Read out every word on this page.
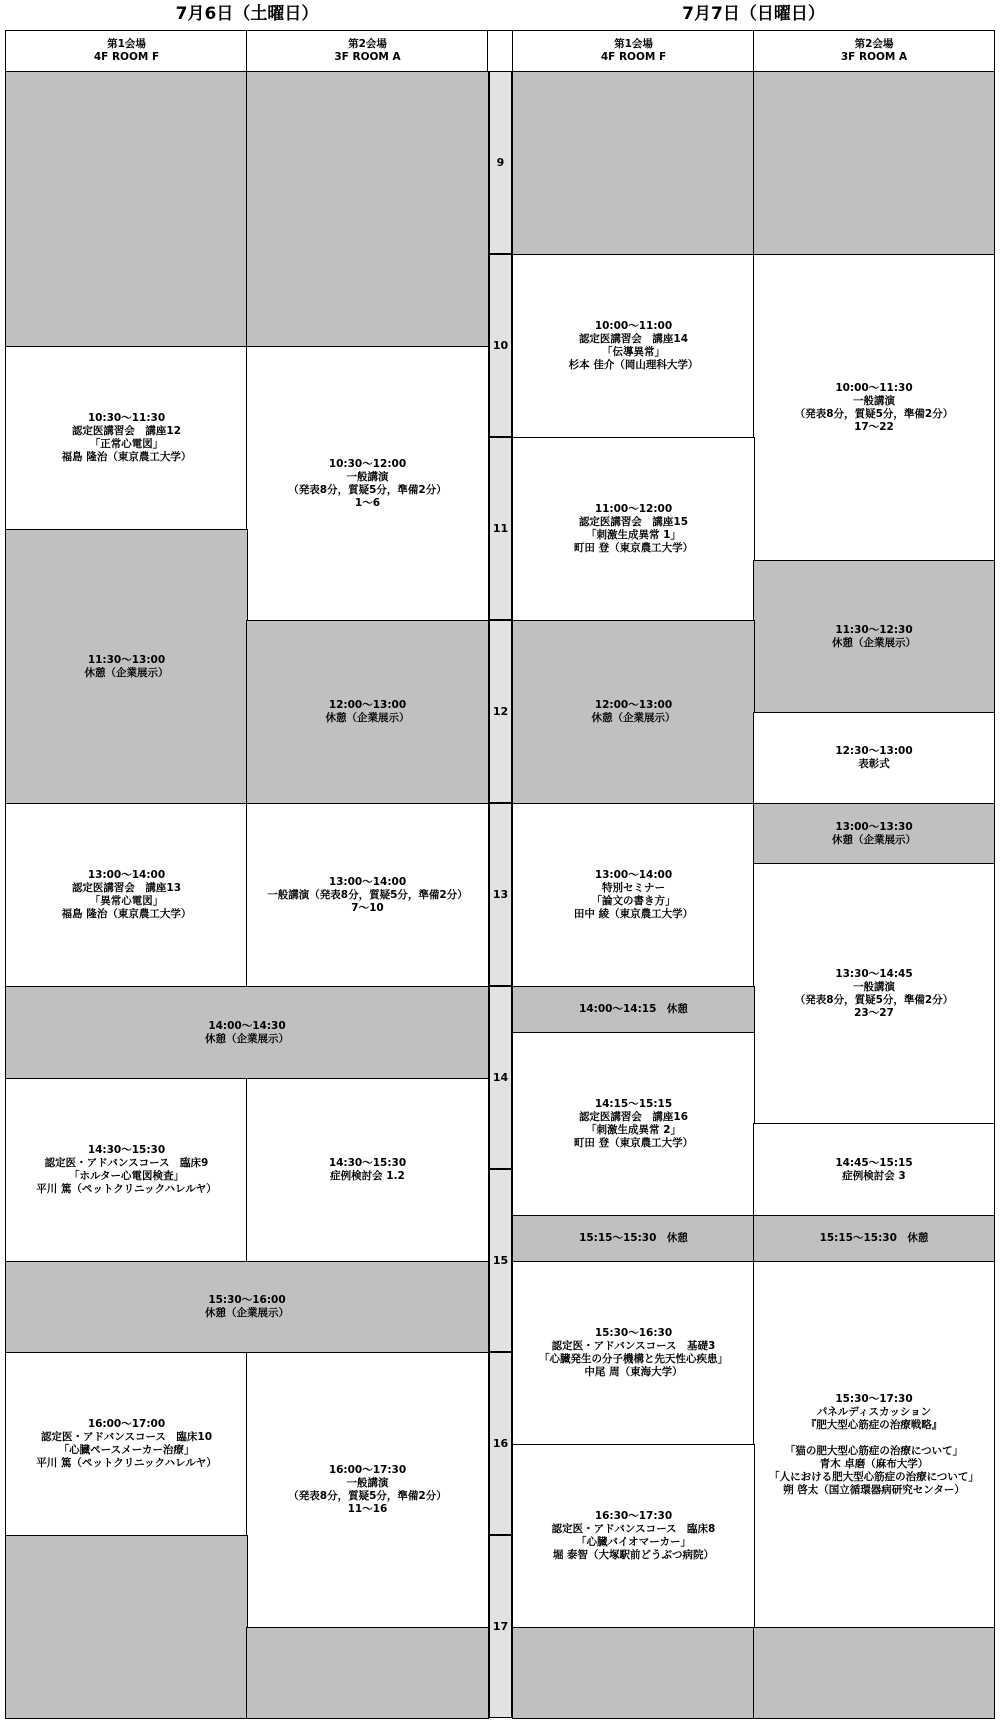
7月6日（土曜日）	7月7日（日曜日）
第1会場
4F ROOM F
第2会場
3F ROOM A
第1会場
4F ROOM F
第2会場
3F ROOM A
9
10
11
12
13
14
15
16
17
10:30～11:30
認定医講習会　講座12
「正常心電図」
福島 隆治（東京農工大学）
10:30～12:00
一般講演
（発表8分，質疑5分，準備2分）
1～6
11:30～13:00
休憩（企業展示）
12:00～13:00
休憩（企業展示）
13:00～14:00
認定医講習会　講座13
「異常心電図」
福島 隆治（東京農工大学）
13:00～14:00
一般講演（発表8分，質疑5分，準備2分）
7～10
14:00～14:30
休憩（企業展示）
14:30～15:30
認定医・アドバンスコース　臨床9
「ホルター心電図検査」
平川 篤（ペットクリニックハレルヤ）
14:30～15:30
症例検討会 1.2
15:30～16:00
休憩（企業展示）
16:00～17:00
認定医・アドバンスコース　臨床10
「心臓ペースメーカー治療」
平川 篤（ペットクリニックハレルヤ）
16:00～17:30
一般講演
（発表8分，質疑5分，準備2分）
11～16
10:00～11:00
認定医講習会　講座14
「伝導異常」
杉本 佳介（岡山理科大学）
10:00～11:30
一般講演
（発表8分，質疑5分，準備2分）
17～22
11:00～12:00
認定医講習会　講座15
「刺激生成異常 1」
町田 登（東京農工大学）
11:30～12:30
休憩（企業展示）
12:00～13:00
休憩（企業展示）
12:30～13:00
表彰式
13:00～14:00
特別セミナー
「論文の書き方」
田中 綾（東京農工大学）
13:00～13:30
休憩（企業展示）
13:30～14:45
一般講演
（発表8分，質疑5分，準備2分）
23～27
14:00～14:15　休憩
14:15～15:15
認定医講習会　講座16
「刺激生成異常 2」
町田 登（東京農工大学）
14:45～15:15
症例検討会 3
15:15～15:30　休憩	15:15～15:30　休憩
15:30～16:30
認定医・アドバンスコース　基礎3
「心臓発生の分子機構と先天性心疾患」
中尾 周（東海大学）
15:30～17:30
パネルディスカッション
『肥大型心筋症の治療戦略』

「猫の肥大型心筋症の治療について」
青木 卓磨（麻布大学）
「人における肥大型心筋症の治療について」
朔 啓太（国立循環器病研究センター）
16:30～17:30
認定医・アドバンスコース　臨床8
「心臓バイオマーカー」
堀 泰智（大塚駅前どうぶつ病院）
